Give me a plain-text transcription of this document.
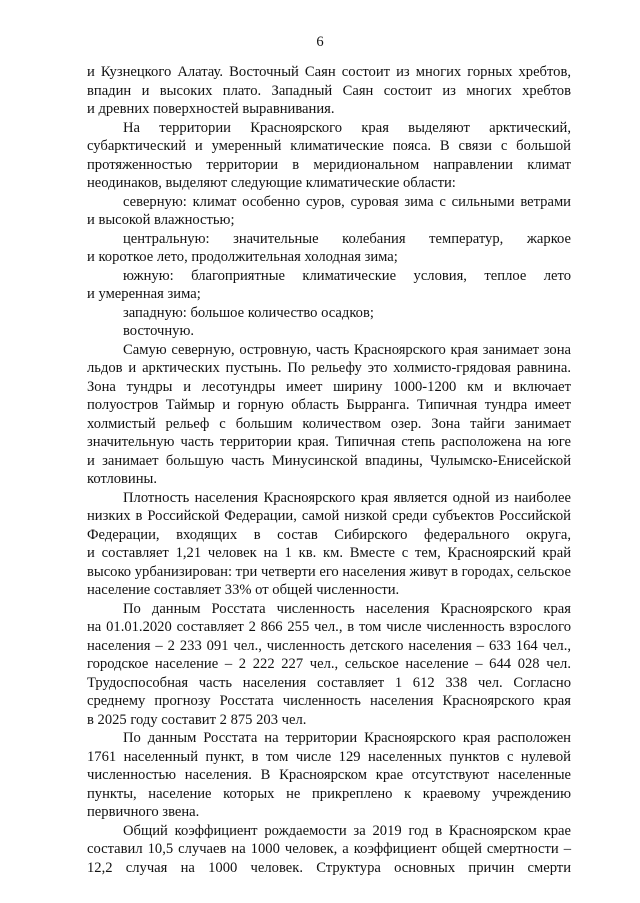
6
и Кузнецкого Алатау. Восточный Саян состоит из многих горных хребтов,
впадин и высоких плато. Западный Саян состоит из многих хребтов
и древних поверхностей выравнивания.
На территории Красноярского края выделяют арктический,
субарктический и умеренный климатические пояса. В связи с большой
протяженностью территории в меридиональном направлении климат
неодинаков, выделяют следующие климатические области:
северную: климат особенно суров, суровая зима с сильными ветрами
и высокой влажностью;
центральную: значительные колебания температур, жаркое
и короткое лето, продолжительная холодная зима;
южную: благоприятные климатические условия, теплое лето
и умеренная зима;
западную: большое количество осадков;
восточную.
Самую северную, островную, часть Красноярского края занимает зона
льдов и арктических пустынь. По рельефу это холмисто-грядовая равнина.
Зона тундры и лесотундры имеет ширину 1000-1200 км и включает
полуостров Таймыр и горную область Бырранга. Типичная тундра имеет
холмистый рельеф с большим количеством озер. Зона тайги занимает
значительную часть территории края. Типичная степь расположена на юге
и занимает большую часть Минусинской впадины, Чулымско-Енисейской
котловины.
Плотность населения Красноярского края является одной из наиболее
низких в Российской Федерации, самой низкой среди субъектов Российской
Федерации, входящих в состав Сибирского федерального округа,
и составляет 1,21 человек на 1 кв. км. Вместе с тем, Красноярский край
высоко урбанизирован: три четверти его населения живут в городах, сельское
население составляет 33% от общей численности.
По данным Росстата численность населения Красноярского края
на 01.01.2020 составляет 2 866 255 чел., в том числе численность взрослого
населения – 2 233 091 чел., численность детского населения – 633 164 чел.,
городское население – 2 222 227 чел., сельское население – 644 028 чел.
Трудоспособная часть населения составляет 1 612 338 чел. Согласно
среднему прогнозу Росстата численность населения Красноярского края
в 2025 году составит 2 875 203 чел.
По данным Росстата на территории Красноярского края расположен
1761 населенный пункт, в том числе 129 населенных пунктов с нулевой
численностью населения. В Красноярском крае отсутствуют населенные
пункты, население которых не прикреплено к краевому учреждению
первичного звена.
Общий коэффициент рождаемости за 2019 год в Красноярском крае
составил 10,5 случаев на 1000 человек, а коэффициент общей смертности –
12,2 случая на 1000 человек. Структура основных причин смерти
